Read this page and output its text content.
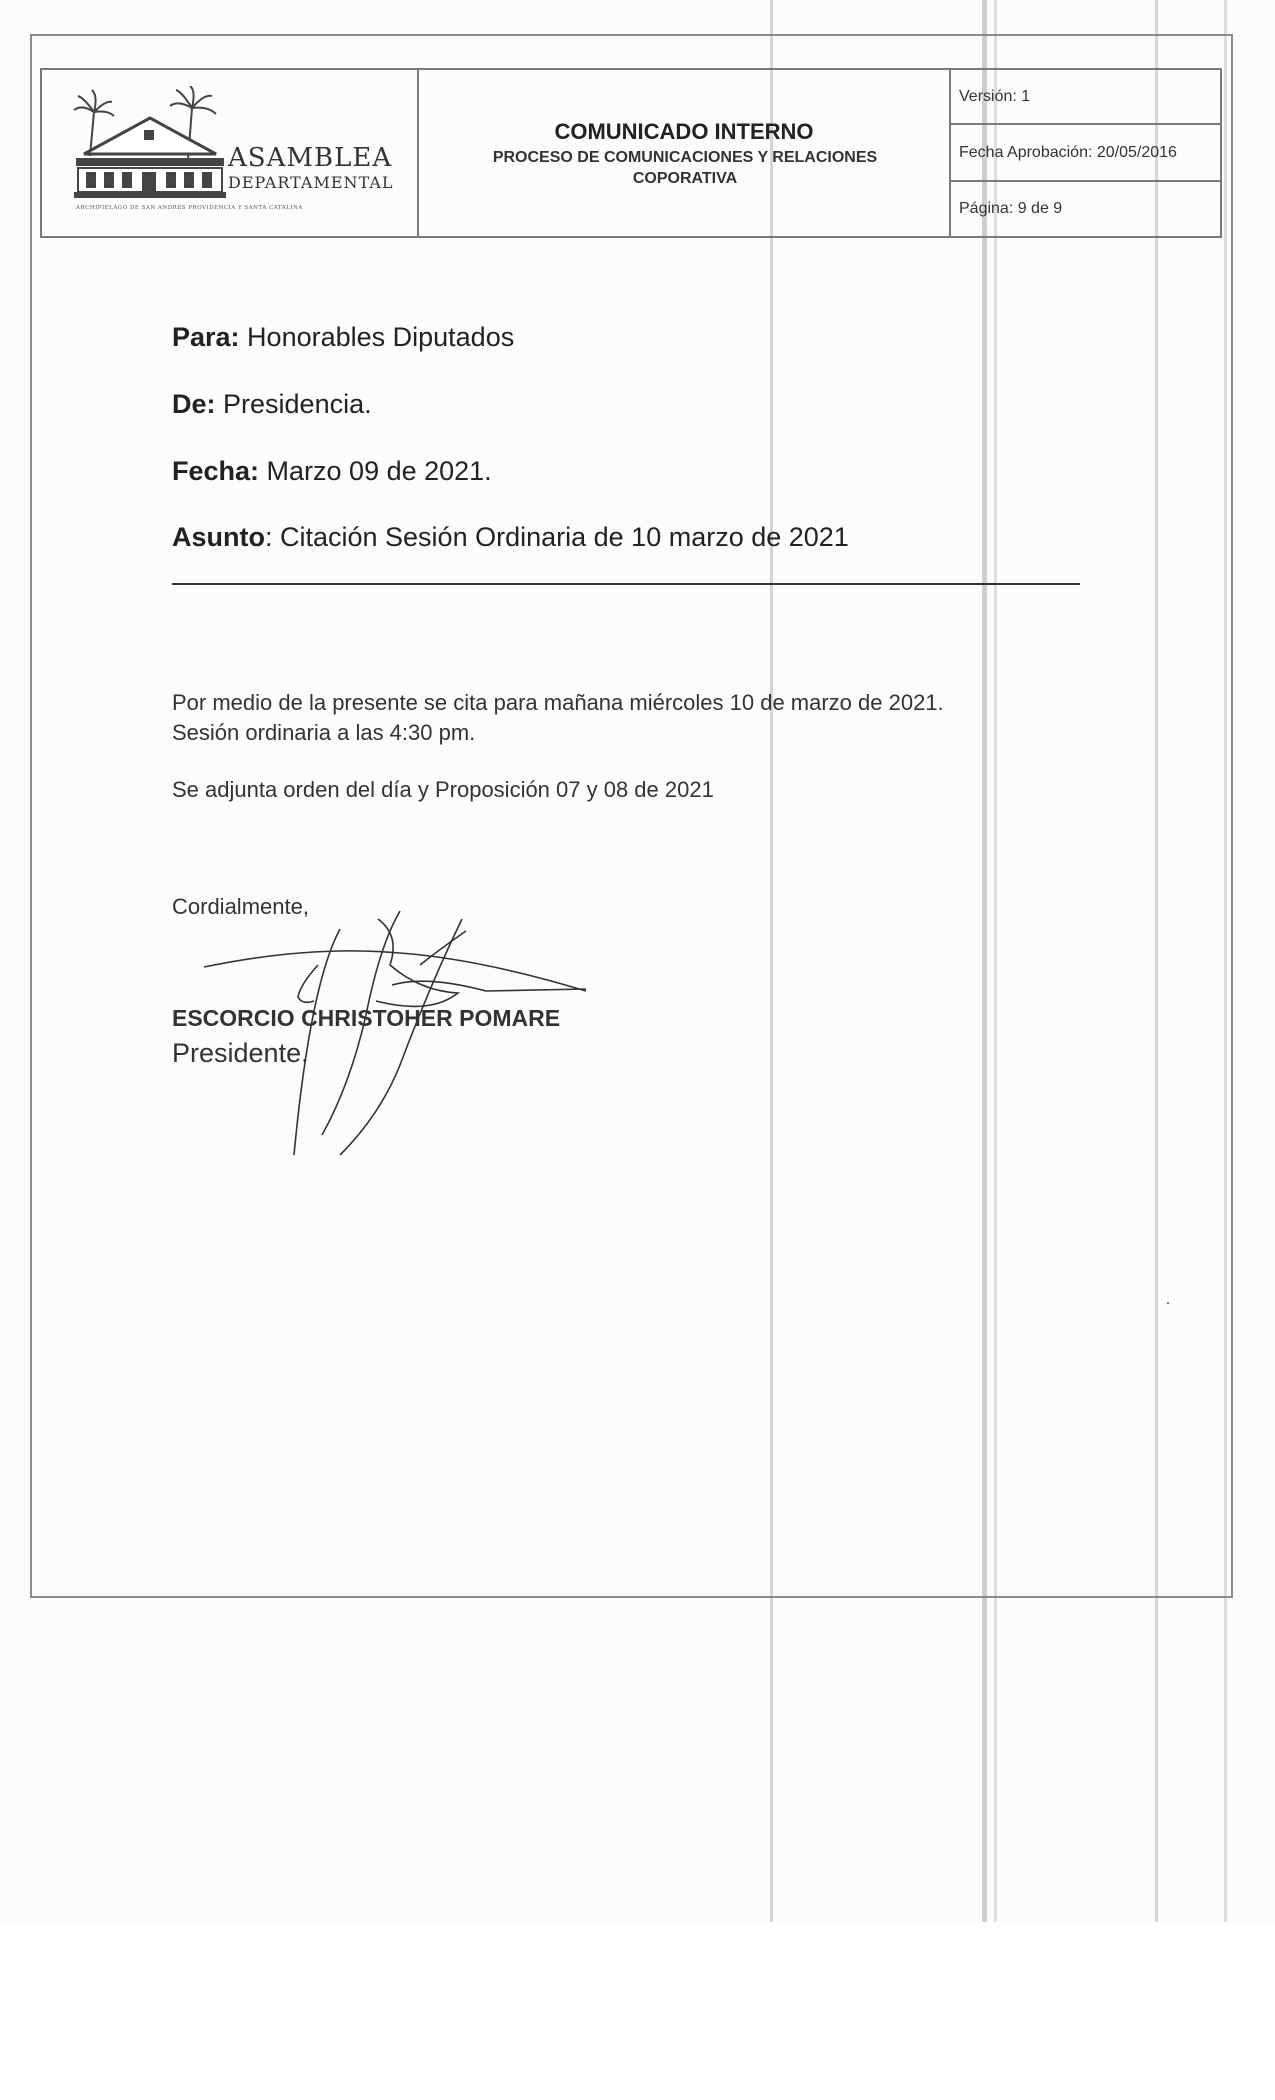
ASAMBLEA
DEPARTAMENTAL
ARCHIPIELAGO DE SAN ANDRES PROVIDENCIA Y SANTA CATALINA
COMUNICADO INTERNO
PROCESO DE COMUNICACIONES Y RELACIONES COPORATIVA
Versión: 1
Fecha Aprobación: 20/05/2016
Página: 9 de 9
Para: Honorables Diputados
De: Presidencia.
Fecha: Marzo 09 de 2021.
Asunto: Citación Sesión Ordinaria de 10 marzo de 2021
Por medio de la presente se cita para mañana miércoles 10 de marzo de 2021.
Sesión ordinaria a las 4:30 pm.
Se adjunta orden del día y Proposición 07 y 08 de 2021
Cordialmente,
ESCORCIO CHRISTOHER POMARE
Presidente.
